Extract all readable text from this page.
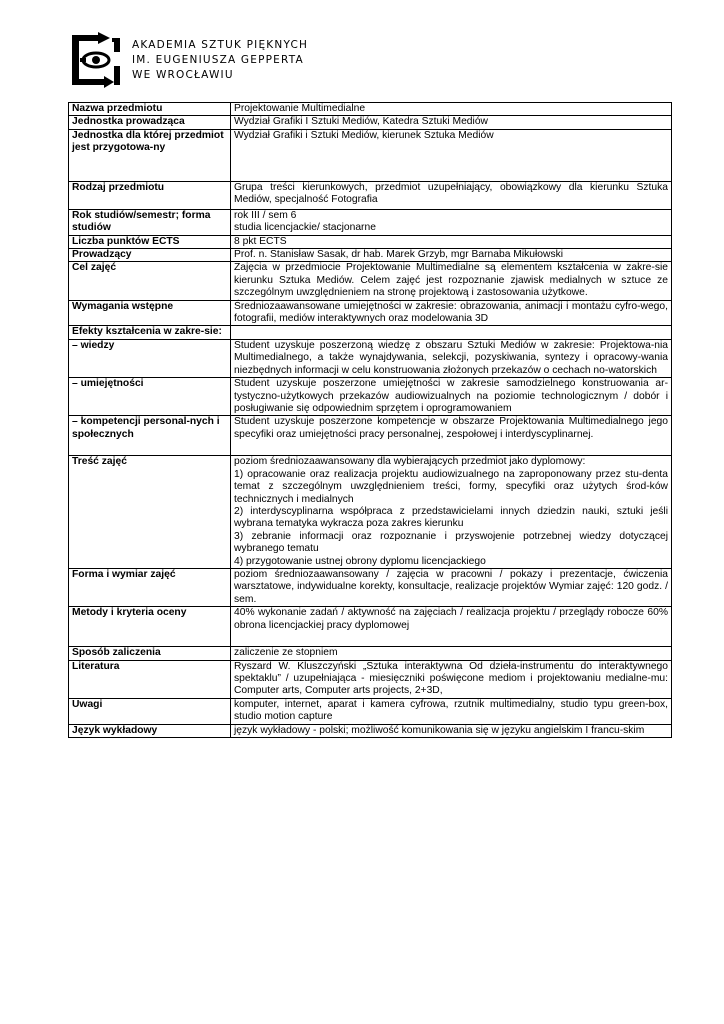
AKADEMIA SZTUK PIĘKNYCH
IM. EUGENIUSZA GEPPERTA
WE WROCŁAWIU
Nazwa przedmiotu	Projektowanie Multimedialne
Jednostka prowadząca	Wydział Grafiki I Sztuki Mediów, Katedra Sztuki Mediów
Jednostka dla której przedmiot jest przygotowa-ny	Wydział Grafiki i Sztuki Mediów, kierunek Sztuka Mediów
Rodzaj przedmiotu	Grupa treści kierunkowych, przedmiot uzupełniający, obowiązkowy dla kierunku Sztuka Mediów, specjalność Fotografia
Rok studiów/semestr; forma studiów	rok III / sem 6
studia licencjackie/ stacjonarne
Liczba punktów ECTS	8 pkt ECTS
Prowadzący	Prof. n. Stanisław Sasak, dr hab. Marek Grzyb, mgr Barnaba Mikułowski
Cel zajęć	Zajęcia w przedmiocie Projektowanie Multimedialne są elementem kształcenia w zakre-sie kierunku Sztuka Mediów. Celem zajęć jest rozpoznanie zjawisk medialnych w sztuce ze szczególnym uwzględnieniem na stronę projektową i zastosowania użytkowe.
Wymagania wstępne	Średniozaawansowane umiejętności w zakresie: obrazowania, animacji i montażu cyfro-wego, fotografii, mediów interaktywnych oraz modelowania 3D
Efekty kształcenia w zakre-sie:	
– wiedzy	Student uzyskuje poszerzoną wiedzę z obszaru Sztuki Mediów w zakresie: Projektowa-nia Multimedialnego, a także wynajdywania, selekcji, pozyskiwania, syntezy i opracowy-wania niezbędnych informacji w celu konstruowania złożonych przekazów o cechach no-watorskich
– umiejętności	Student uzyskuje poszerzone umiejętności w zakresie samodzielnego konstruowania ar-tystyczno-użytkowych przekazów audiowizualnych na poziomie technologicznym / dobór i posługiwanie się odpowiednim sprzętem i oprogramowaniem
– kompetencji personal-nych i społecznych	Student uzyskuje poszerzone kompetencje w obszarze Projektowania Multimedialnego jego specyfiki oraz umiejętności pracy personalnej, zespołowej i interdyscyplinarnej.
Treść zajęć	poziom średniozaawansowany dla wybierających przedmiot jako dyplomowy:
1) opracowanie oraz realizacja projektu audiowizualnego na zaproponowany przez stu-denta temat z szczególnym uwzględnieniem treści, formy, specyfiki oraz użytych środ-ków technicznych i medialnych
2) interdyscyplinarna współpraca z przedstawicielami innych dziedzin nauki, sztuki jeśli wybrana tematyka wykracza poza zakres kierunku
3) zebranie informacji oraz rozpoznanie i przyswojenie potrzebnej wiedzy dotyczącej wybranego tematu
4) przygotowanie ustnej obrony dyplomu licencjackiego
Forma i wymiar zajęć	poziom średniozaawansowany / zajęcia w pracowni / pokazy i prezentacje, ćwiczenia warsztatowe, indywidualne korekty, konsultacje, realizacje projektów Wymiar zajęć: 120 godz. / sem.
Metody i kryteria oceny	40% wykonanie zadań / aktywność na zajęciach / realizacja projektu / przeglądy robocze 60% obrona licencjackiej pracy dyplomowej
Sposób zaliczenia	zaliczenie ze stopniem
Literatura	Ryszard W. Kluszczyński „Sztuka interaktywna Od dzieła-instrumentu do interaktywnego spektaklu” / uzupełniająca - miesięczniki poświęcone mediom i projektowaniu medialne-mu: Computer arts, Computer arts projects, 2+3D,
Uwagi	komputer, internet, aparat i kamera cyfrowa, rzutnik multimedialny, studio typu green-box, studio motion capture
Język wykładowy	język wykładowy - polski; możliwość komunikowania się w języku angielskim I francu-skim
